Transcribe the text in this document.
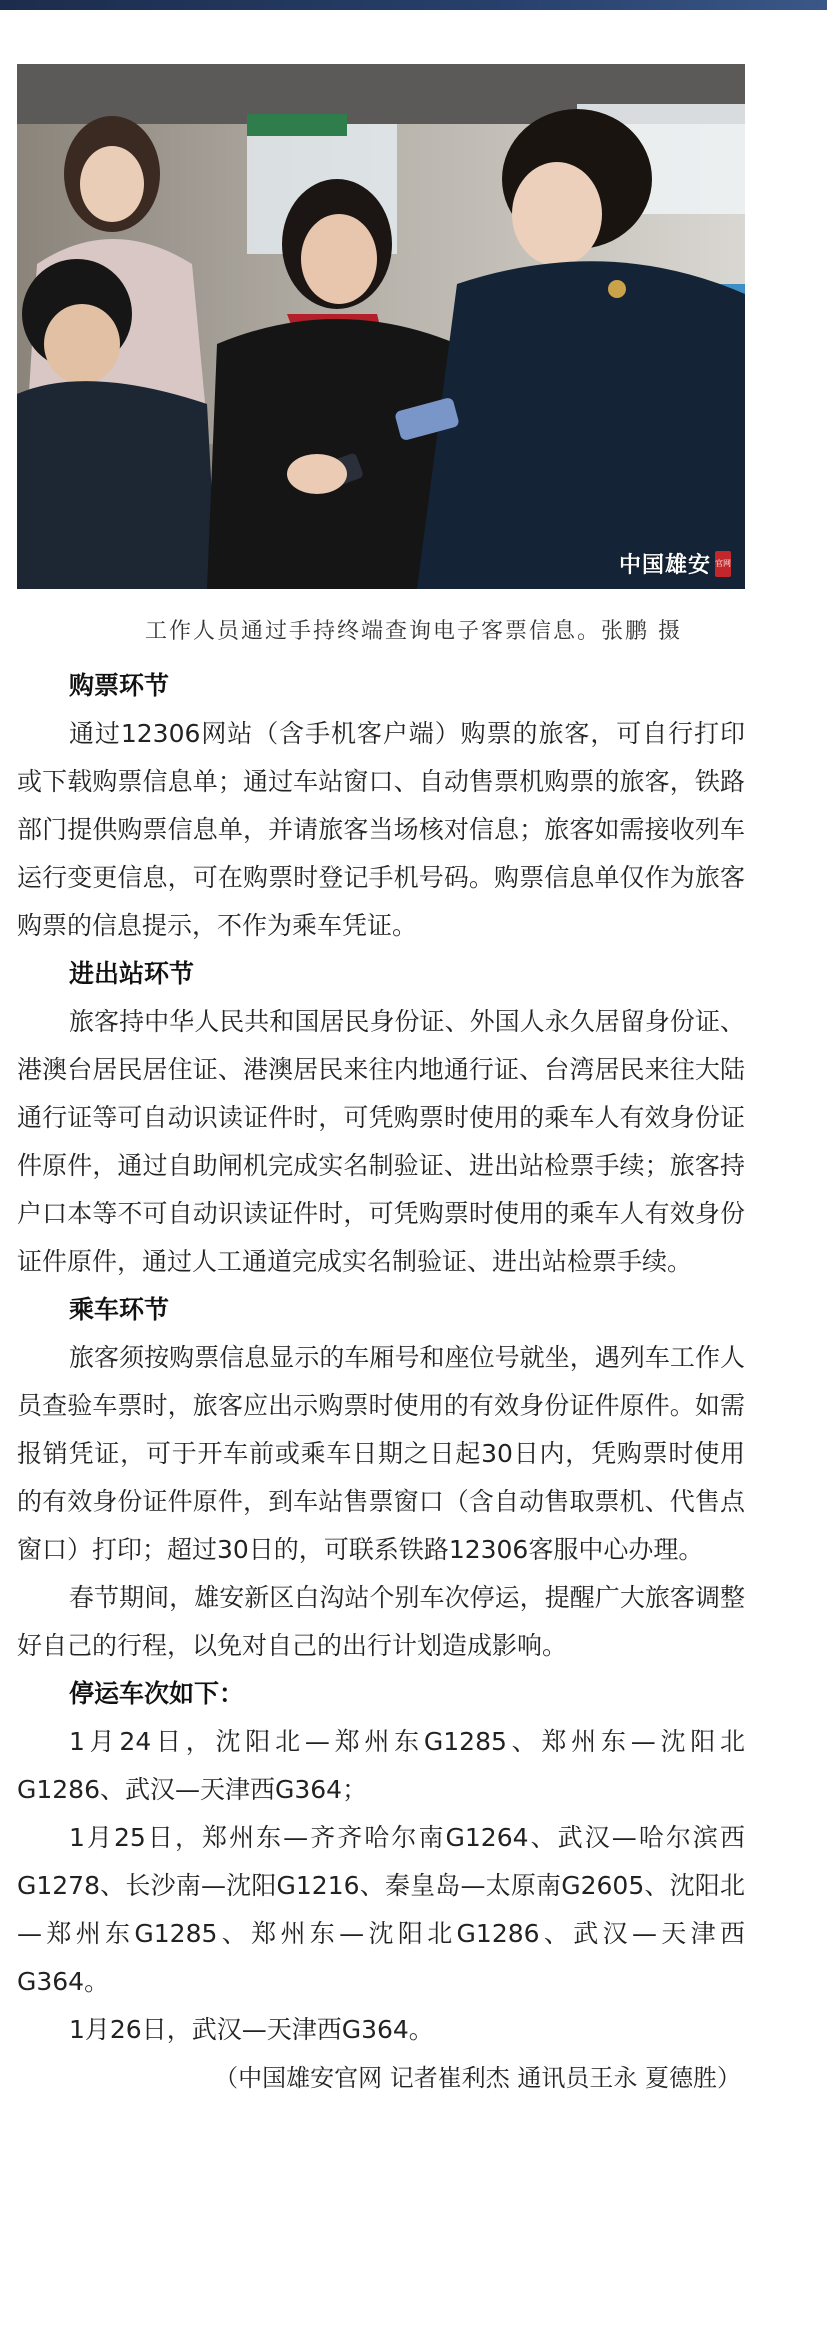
中国雄安 官网
工作人员通过手持终端查询电子客票信息。张鹏 摄

购票环节

通过12306网站（含手机客户端）购票的旅客，可自行打印或下载购票信息单；通过车站窗口、自动售票机购票的旅客，铁路部门提供购票信息单，并请旅客当场核对信息；旅客如需接收列车运行变更信息，可在购票时登记手机号码。购票信息单仅作为旅客购票的信息提示，不作为乘车凭证。

进出站环节

旅客持中华人民共和国居民身份证、外国人永久居留身份证、港澳台居民居住证、港澳居民来往内地通行证、台湾居民来往大陆通行证等可自动识读证件时，可凭购票时使用的乘车人有效身份证件原件，通过自助闸机完成实名制验证、进出站检票手续；旅客持户口本等不可自动识读证件时，可凭购票时使用的乘车人有效身份证件原件，通过人工通道完成实名制验证、进出站检票手续。

乘车环节

旅客须按购票信息显示的车厢号和座位号就坐，遇列车工作人员查验车票时，旅客应出示购票时使用的有效身份证件原件。如需报销凭证，可于开车前或乘车日期之日起30日内，凭购票时使用的有效身份证件原件，到车站售票窗口（含自动售取票机、代售点窗口）打印；超过30日的，可联系铁路12306客服中心办理。

春节期间，雄安新区白沟站个别车次停运，提醒广大旅客调整好自己的行程，以免对自己的出行计划造成影响。

停运车次如下：

1月24日，沈阳北—郑州东G1285、郑州东—沈阳北G1286、武汉—天津西G364；

1月25日，郑州东—齐齐哈尔南G1264、武汉—哈尔滨西G1278、长沙南—沈阳G1216、秦皇岛—太原南G2605、沈阳北—郑州东G1285、郑州东—沈阳北G1286、武汉—天津西G364。

1月26日，武汉—天津西G364。

（中国雄安官网 记者崔利杰 通讯员王永 夏德胜）
